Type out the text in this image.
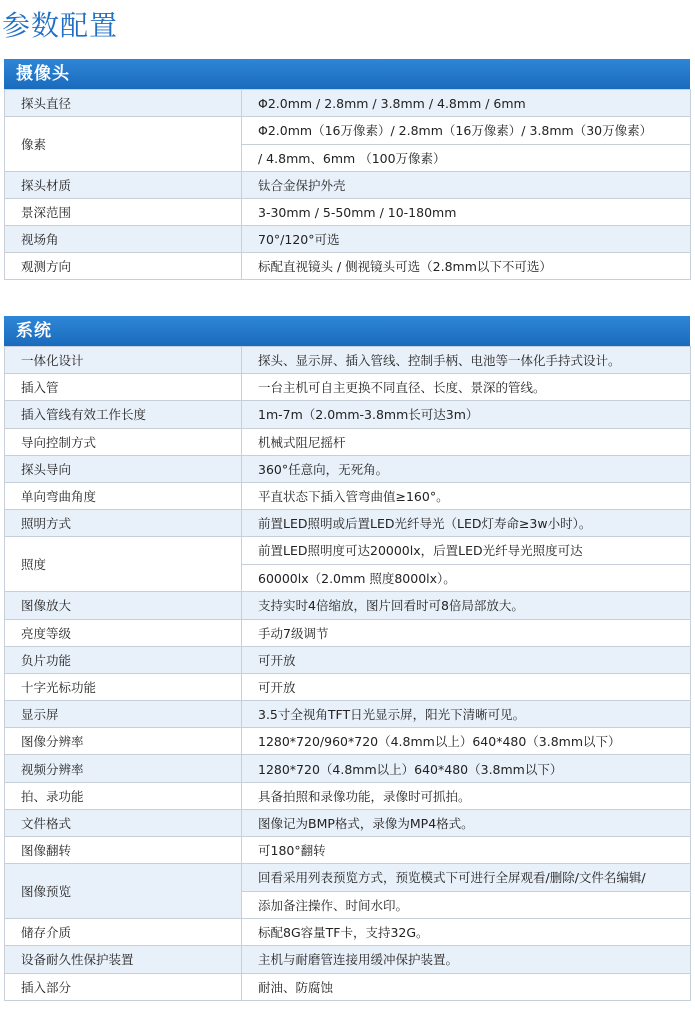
参数配置
摄像头
探头直径	Φ2.0mm / 2.8mm / 3.8mm / 4.8mm / 6mm
像素	Φ2.0mm（16万像素）/ 2.8mm（16万像素）/ 3.8mm（30万像素）
/ 4.8mm、6mm （100万像素）

探头材质	钛合金保护外壳
景深范围	3-30mm / 5-50mm / 10-180mm
视场角	70°/120°可选
观测方向	标配直视镜头 / 侧视镜头可选（2.8mm以下不可选）
系统
一体化设计	探头、显示屏、插入管线、控制手柄、电池等一体化手持式设计。
插入管	一台主机可自主更换不同直径、长度、景深的管线。
插入管线有效工作长度	1m-7m（2.0mm-3.8mm长可达3m）
导向控制方式	机械式阻尼摇杆
探头导向	360°任意向，无死角。
单向弯曲角度	平直状态下插入管弯曲值≥160°。
照明方式	前置LED照明或后置LED光纤导光（LED灯寿命≥3w小时）。
照度	前置LED照明度可达20000lx，后置LED光纤导光照度可达
60000lx（2.0mm 照度8000lx）。

图像放大	支持实时4倍缩放，图片回看时可8倍局部放大。
亮度等级	手动7级调节
负片功能	可开放
十字光标功能	可开放
显示屏	3.5寸全视角TFT日光显示屏，阳光下清晰可见。
图像分辨率	1280*720/960*720（4.8mm以上）640*480（3.8mm以下）
视频分辨率	1280*720（4.8mm以上）640*480（3.8mm以下）
拍、录功能	具备拍照和录像功能，录像时可抓拍。
文件格式	图像记为BMP格式，录像为MP4格式。
图像翻转	可180°翻转
图像预览	回看采用列表预览方式，预览模式下可进行全屏观看/删除/文件名编辑/
添加备注操作、时间水印。

储存介质	标配8G容量TF卡，支持32G。
设备耐久性保护装置	主机与耐磨管连接用缓冲保护装置。
插入部分	耐油、防腐蚀
